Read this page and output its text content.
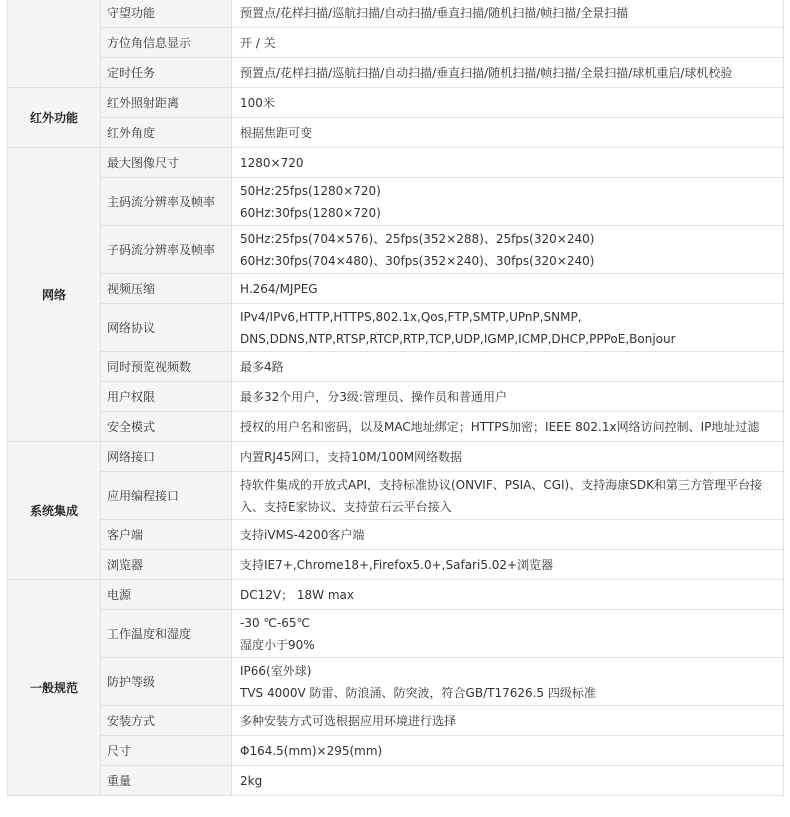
	守望功能	预置点/花样扫描/巡航扫描/自动扫描/垂直扫描/随机扫描/帧扫描/全景扫描

	方位角信息显示	开 / 关

	定时任务	预置点/花样扫描/巡航扫描/自动扫描/垂直扫描/随机扫描/帧扫描/全景扫描/球机重启/球机校验

红外功能	红外照射距离	100米

	红外角度	根据焦距可变

网络	最大图像尺寸	1280×720

	主码流分辨率及帧率	50Hz:25fps(1280×720)
60Hz:30fps(1280×720)

	子码流分辨率及帧率	50Hz:25fps(704×576)、25fps(352×288)、25fps(320×240)
60Hz:30fps(704×480)、30fps(352×240)、30fps(320×240)

	视频压缩	H.264/MJPEG

	网络协议	IPv4/IPv6,HTTP,HTTPS,802.1x,Qos,FTP,SMTP,UPnP,SNMP,
DNS,DDNS,NTP,RTSP,RTCP,RTP,TCP,UDP,IGMP,ICMP,DHCP,PPPoE,Bonjour

	同时预览视频数	最多4路

	用户权限	最多32个用户，分3级:管理员、操作员和普通用户

	安全模式	授权的用户名和密码，以及MAC地址绑定；HTTPS加密；IEEE 802.1x网络访问控制、IP地址过滤

系统集成	网络接口	内置RJ45网口，支持10M/100M网络数据

	应用编程接口	持软件集成的开放式API，支持标准协议(ONVIF、PSIA、CGI)、支持海康SDK和第三方管理平台接
入、支持E家协议、支持萤石云平台接入

	客户端	支持iVMS-4200客户端

	浏览器	支持IE7+,Chrome18+,Firefox5.0+,Safari5.02+浏览器

一般规范	电源	DC12V； 18W max

	工作温度和湿度	-30 ℃-65℃
湿度小于90%

	防护等级	IP66(室外球)
TVS 4000V 防雷、防浪涌、防突波，符合GB/T17626.5 四级标准

	安装方式	多种安装方式可选根据应用环境进行选择

	尺寸	Φ164.5(mm)×295(mm)

	重量	2kg
